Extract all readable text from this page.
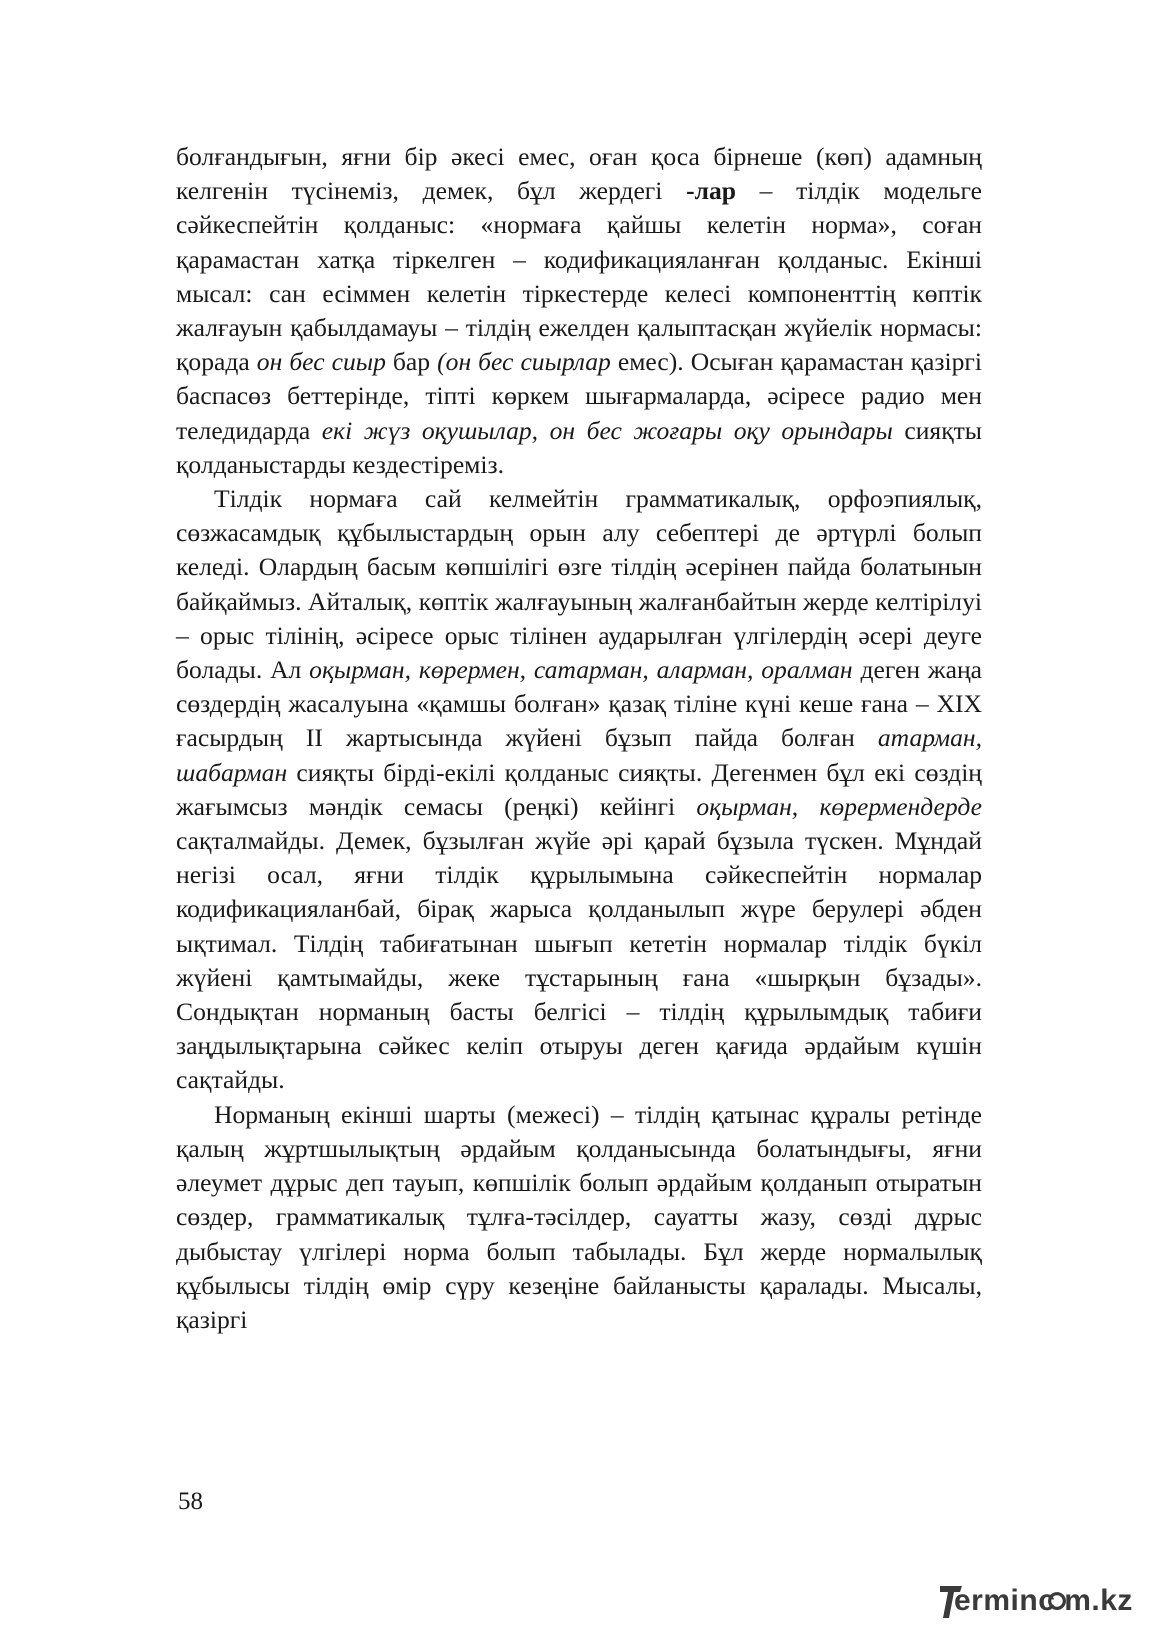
болғандығын, яғни бір әкесі емес, оған қоса бірнеше (көп) адамның келгенін түсінеміз, демек, бұл жердегі -лар – тілдік модельге сәйкеспейтін қолданыс: «нормаға қайшы келетін норма», соған қарамастан хатқа тіркелген – кодификацияланған қолданыс. Екінші мысал: сан есіммен келетін тіркестерде келесі компоненттің көптік жалғауын қабылдамауы – тілдің ежелден қалыптасқан жүйелік нормасы: қорада он бес сиыр бар (он бес сиырлар емес). Осыған қарамастан қазіргі баспасөз беттерінде, тіпті көркем шығармаларда, әсіресе радио мен теледидарда екі жүз оқушылар, он бес жоғары оқу орындары сияқты қолданыстарды кездестіреміз.

Тілдік нормаға сай келмейтін грамматикалық, орфоэпиялық, сөзжасамдық құбылыстардың орын алу себептері де әртүрлі болып келеді. Олардың басым көпшілігі өзге тілдің әсерінен пайда болатынын байқаймыз. Айталық, көптік жалғауының жалғанбайтын жерде келтірілуі – орыс тілінің, әсіресе орыс тілінен аударылған үлгілердің әсері деуге болады. Ал оқырман, көрермен, сатарман, аларман, оралман деген жаңа сөздердің жасалуына «қамшы болған» қазақ тіліне күні кеше ғана – XIX ғасырдың II жартысында жүйені бұзып пайда болған атарман, шабарман сияқты бірді-екілі қолданыс сияқты. Дегенмен бұл екі сөздің жағымсыз мәндік семасы (реңкі) кейінгі оқырман, көрермендерде сақталмайды. Демек, бұзылған жүйе әрі қарай бұзыла түскен. Мұндай негізі осал, яғни тілдік құрылымына сәйкеспейтін нормалар кодификацияланбай, бірақ жарыса қолданылып жүре берулері әбден ықтимал. Тілдің табиғатынан шығып кететін нормалар тілдік бүкіл жүйені қамтымайды, жеке тұстарының ғана «шырқын бұзады». Сондықтан норманың басты белгісі – тілдің құрылымдық табиғи заңдылықтарына сәйкес келіп отыруы деген қағида әрдайым күшін сақтайды.

Норманың екінші шарты (межесі) – тілдің қатынас құралы ретінде қалың жұртшылықтың әрдайым қолданысында болатындығы, яғни әлеумет дұрыс деп тауып, көпшілік болып әрдайым қолданып отыратын сөздер, грамматикалық тұлға-тәсілдер, сауатты жазу, сөзді дұрыс дыбыстау үлгілері норма болып табылады. Бұл жерде нормалылық құбылысы тілдің өмір сүру кезеңіне байланысты қаралады. Мысалы, қазіргі

58
erminc m.kz
